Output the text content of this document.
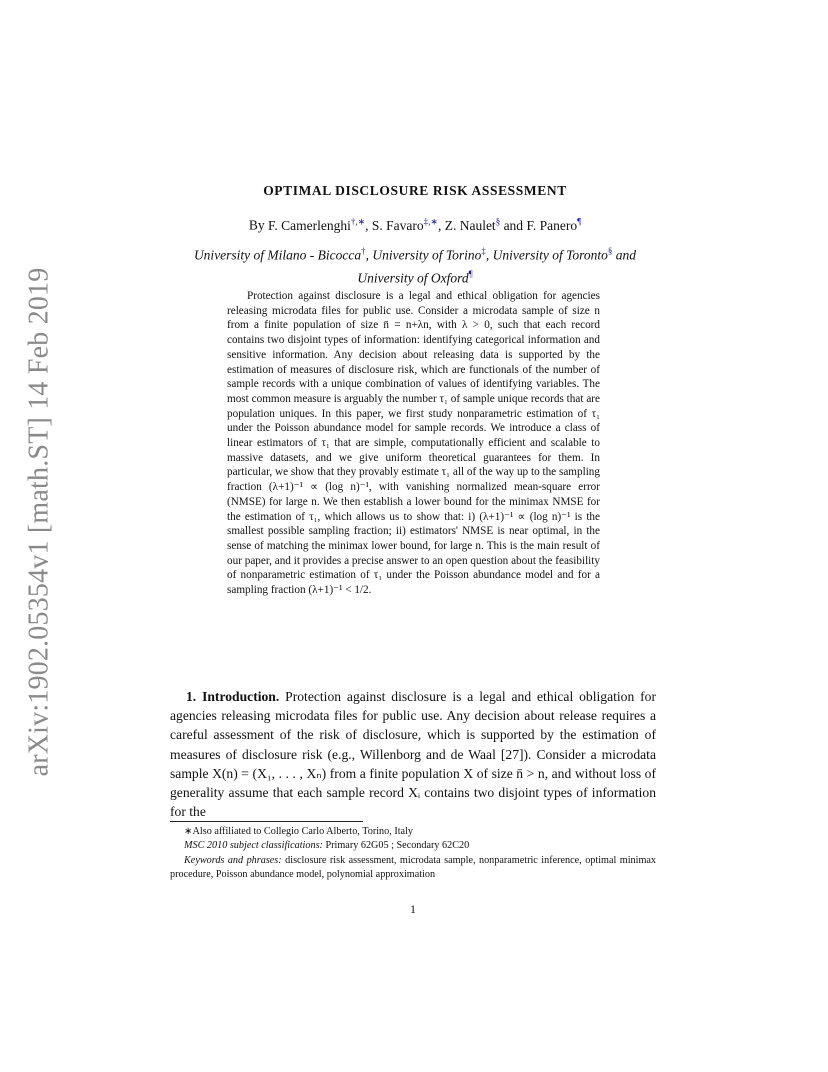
arXiv:1902.05354v1 [math.ST] 14 Feb 2019
OPTIMAL DISCLOSURE RISK ASSESSMENT
By F. Camerlenghi†,∗, S. Favaro‡,∗, Z. Naulet§ and F. Panero¶
University of Milano - Bicocca†, University of Torino‡, University of Toronto§ and University of Oxford¶
Protection against disclosure is a legal and ethical obligation for agencies releasing microdata files for public use. Consider a microdata sample of size n from a finite population of size n̄ = n+λn, with λ > 0, such that each record contains two disjoint types of information: identifying categorical information and sensitive information. Any decision about releasing data is supported by the estimation of measures of disclosure risk, which are functionals of the number of sample records with a unique combination of values of identifying variables. The most common measure is arguably the number τ₁ of sample unique records that are population uniques. In this paper, we first study nonparametric estimation of τ₁ under the Poisson abundance model for sample records. We introduce a class of linear estimators of τ₁ that are simple, computationally efficient and scalable to massive datasets, and we give uniform theoretical guarantees for them. In particular, we show that they provably estimate τ₁ all of the way up to the sampling fraction (λ+1)⁻¹ ∝ (log n)⁻¹, with vanishing normalized mean-square error (NMSE) for large n. We then establish a lower bound for the minimax NMSE for the estimation of τ₁, which allows us to show that: i) (λ+1)⁻¹ ∝ (log n)⁻¹ is the smallest possible sampling fraction; ii) estimators' NMSE is near optimal, in the sense of matching the minimax lower bound, for large n. This is the main result of our paper, and it provides a precise answer to an open question about the feasibility of nonparametric estimation of τ₁ under the Poisson abundance model and for a sampling fraction (λ+1)⁻¹ < 1/2.
1. Introduction. Protection against disclosure is a legal and ethical obligation for agencies releasing microdata files for public use. Any decision about release requires a careful assessment of the risk of disclosure, which is supported by the estimation of measures of disclosure risk (e.g., Willenborg and de Waal [27]). Consider a microdata sample X(n) = (X₁, . . . , Xₙ) from a finite population X of size n̄ > n, and without loss of generality assume that each sample record Xᵢ contains two disjoint types of information for the

∗Also affiliated to Collegio Carlo Alberto, Torino, Italy

MSC 2010 subject classifications: Primary 62G05 ; Secondary 62C20

Keywords and phrases: disclosure risk assessment, microdata sample, nonparametric inference, optimal minimax procedure, Poisson abundance model, polynomial approximation

1
